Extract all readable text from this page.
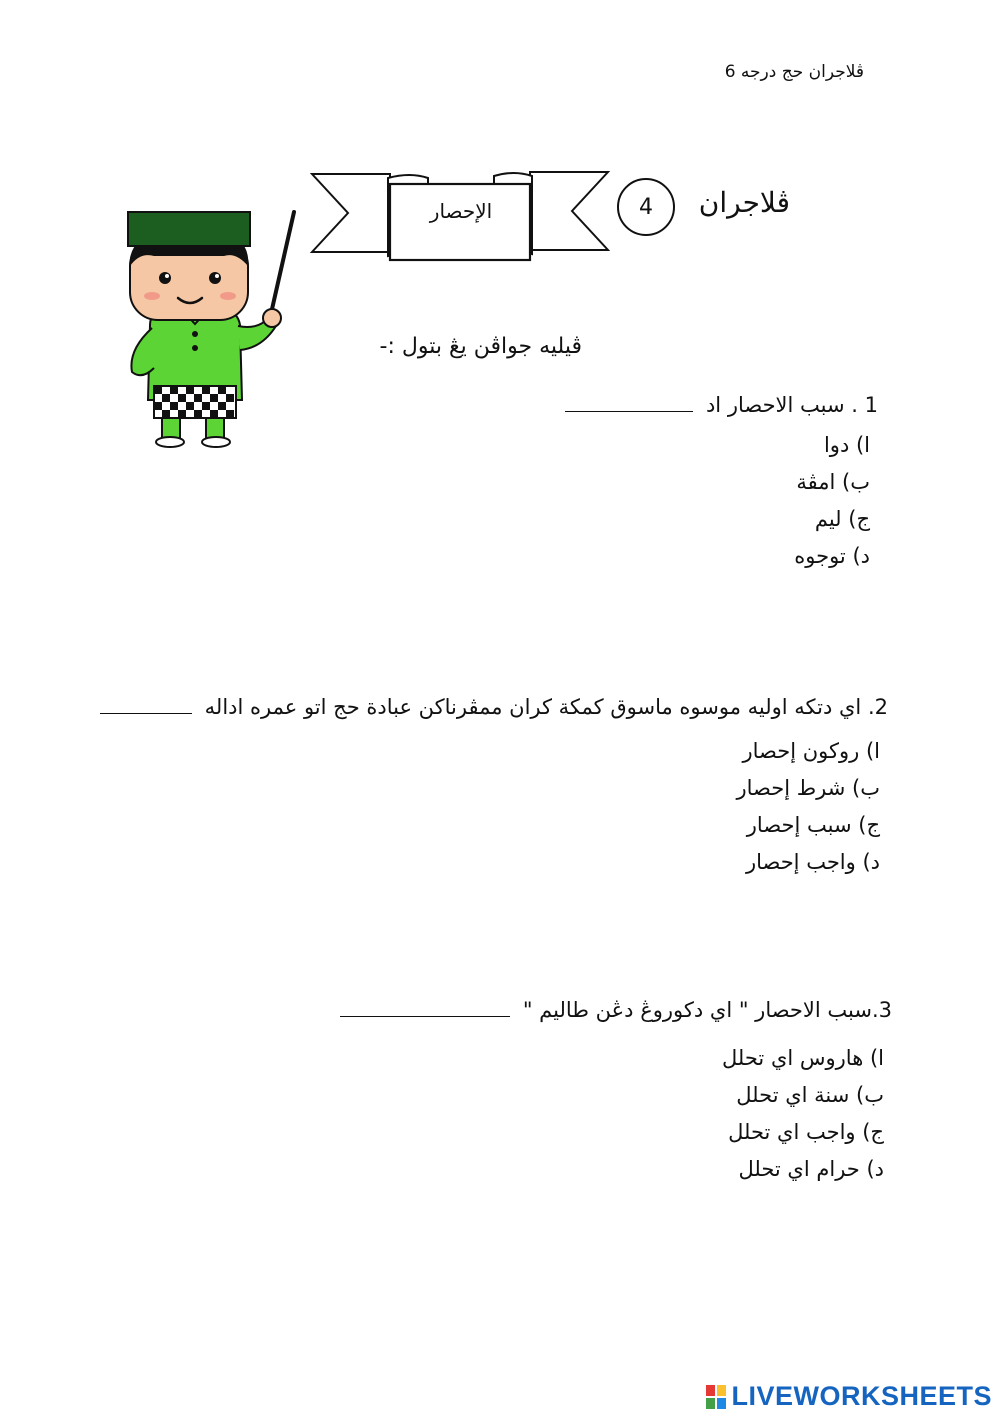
ڤلاجران حج درجه 6
الإحصار	4 ڤلاجران
ڤيليه جواڤن يڠ بتول :-
1 . سبب الاحصار اد
ا) دوا
ب) امڤة
ج) ليم
د) توجوه
2. اي دتكه اوليه موسوه ماسوق كمكة كران ممڤرناكن عبادة حج اتو عمره اداله
ا) روكون إحصار
ب) شرط إحصار
ج) سبب إحصار
د) واجب إحصار
3.سبب الاحصار " اي دكوروڠ دڠن طاليم "
ا) هاروس اي تحلل
ب) سنة اي تحلل
ج) واجب اي تحلل
د) حرام اي تحلل
LIVEWORKSHEETS
